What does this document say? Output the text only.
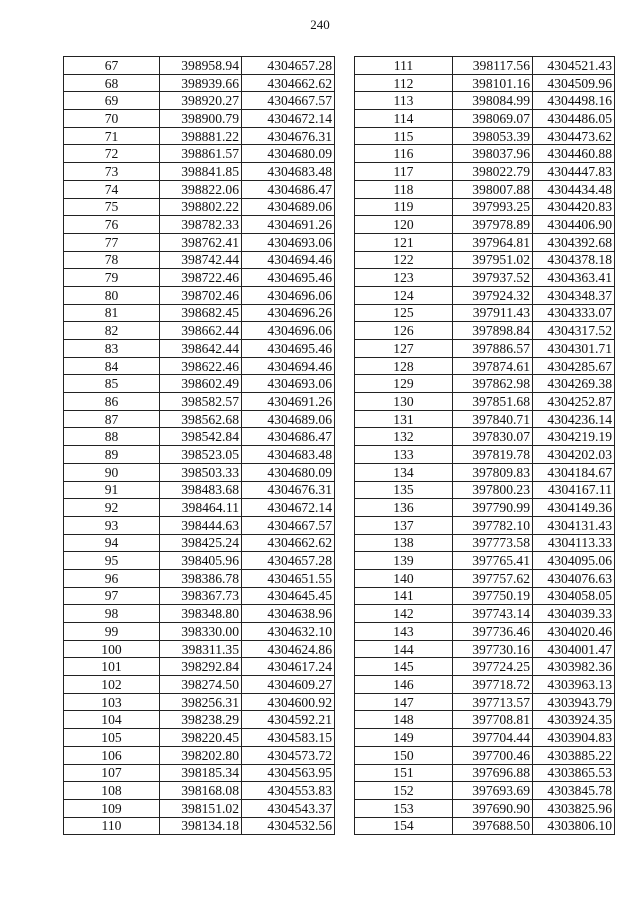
240
67	398958.94	4304657.28
68	398939.66	4304662.62
69	398920.27	4304667.57
70	398900.79	4304672.14
71	398881.22	4304676.31
72	398861.57	4304680.09
73	398841.85	4304683.48
74	398822.06	4304686.47
75	398802.22	4304689.06
76	398782.33	4304691.26
77	398762.41	4304693.06
78	398742.44	4304694.46
79	398722.46	4304695.46
80	398702.46	4304696.06
81	398682.45	4304696.26
82	398662.44	4304696.06
83	398642.44	4304695.46
84	398622.46	4304694.46
85	398602.49	4304693.06
86	398582.57	4304691.26
87	398562.68	4304689.06
88	398542.84	4304686.47
89	398523.05	4304683.48
90	398503.33	4304680.09
91	398483.68	4304676.31
92	398464.11	4304672.14
93	398444.63	4304667.57
94	398425.24	4304662.62
95	398405.96	4304657.28
96	398386.78	4304651.55
97	398367.73	4304645.45
98	398348.80	4304638.96
99	398330.00	4304632.10
100	398311.35	4304624.86
101	398292.84	4304617.24
102	398274.50	4304609.27
103	398256.31	4304600.92
104	398238.29	4304592.21
105	398220.45	4304583.15
106	398202.80	4304573.72
107	398185.34	4304563.95
108	398168.08	4304553.83
109	398151.02	4304543.37
110	398134.18	4304532.56
111	398117.56	4304521.43
112	398101.16	4304509.96
113	398084.99	4304498.16
114	398069.07	4304486.05
115	398053.39	4304473.62
116	398037.96	4304460.88
117	398022.79	4304447.83
118	398007.88	4304434.48
119	397993.25	4304420.83
120	397978.89	4304406.90
121	397964.81	4304392.68
122	397951.02	4304378.18
123	397937.52	4304363.41
124	397924.32	4304348.37
125	397911.43	4304333.07
126	397898.84	4304317.52
127	397886.57	4304301.71
128	397874.61	4304285.67
129	397862.98	4304269.38
130	397851.68	4304252.87
131	397840.71	4304236.14
132	397830.07	4304219.19
133	397819.78	4304202.03
134	397809.83	4304184.67
135	397800.23	4304167.11
136	397790.99	4304149.36
137	397782.10	4304131.43
138	397773.58	4304113.33
139	397765.41	4304095.06
140	397757.62	4304076.63
141	397750.19	4304058.05
142	397743.14	4304039.33
143	397736.46	4304020.46
144	397730.16	4304001.47
145	397724.25	4303982.36
146	397718.72	4303963.13
147	397713.57	4303943.79
148	397708.81	4303924.35
149	397704.44	4303904.83
150	397700.46	4303885.22
151	397696.88	4303865.53
152	397693.69	4303845.78
153	397690.90	4303825.96
154	397688.50	4303806.10
